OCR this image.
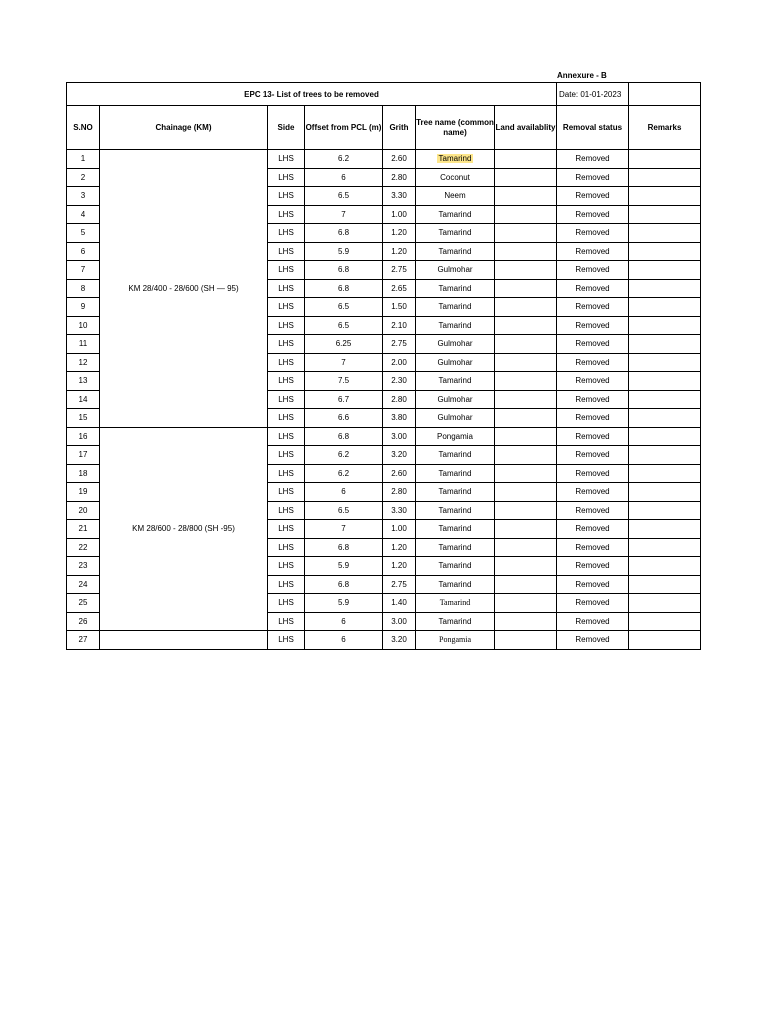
Annexure - B
EPC 13- List of trees to be removed							Date: 01-01-2023	
S.NO	Chainage (KM)	Side	Offset from PCL (m)	Grith	Tree name (common name)	Land availablity	Removal status	Remarks
1	KM 28/400 - 28/600 (SH — 95)	LHS	6.2	2.60	Tamarind		Removed	
2		LHS	6	2.80	Coconut		Removed	
3		LHS	6.5	3.30	Neem		Removed	
4		LHS	7	1.00	Tamarind		Removed	
5		LHS	6.8	1.20	Tamarind		Removed	
6		LHS	5.9	1.20	Tamarind		Removed	
7		LHS	6.8	2.75	Gulmohar		Removed	
8		LHS	6.8	2.65	Tamarind		Removed	
9		LHS	6.5	1.50	Tamarind		Removed	
10		LHS	6.5	2.10	Tamarind		Removed	
11		LHS	6.25	2.75	Gulmohar		Removed	
12		LHS	7	2.00	Gulmohar		Removed	
13		LHS	7.5	2.30	Tamarind		Removed	
14		LHS	6.7	2.80	Gulmohar		Removed	
15		LHS	6.6	3.80	Gulmohar		Removed	
16	KM 28/600 - 28/800 (SH -95)	LHS	6.8	3.00	Pongamia		Removed	
17		LHS	6.2	3.20	Tamarind		Removed	
18		LHS	6.2	2.60	Tamarind		Removed	
19		LHS	6	2.80	Tamarind		Removed	
20		LHS	6.5	3.30	Tamarind		Removed	
21		LHS	7	1.00	Tamarind		Removed	
22		LHS	6.8	1.20	Tamarind		Removed	
23		LHS	5.9	1.20	Tamarind		Removed	
24		LHS	6.8	2.75	Tamarind		Removed	
25		LHS	5.9	1.40	Tamarind		Removed	
26		LHS	6	3.00	Tamarind		Removed	
27		LHS	6	3.20	Pongamia		Removed	
